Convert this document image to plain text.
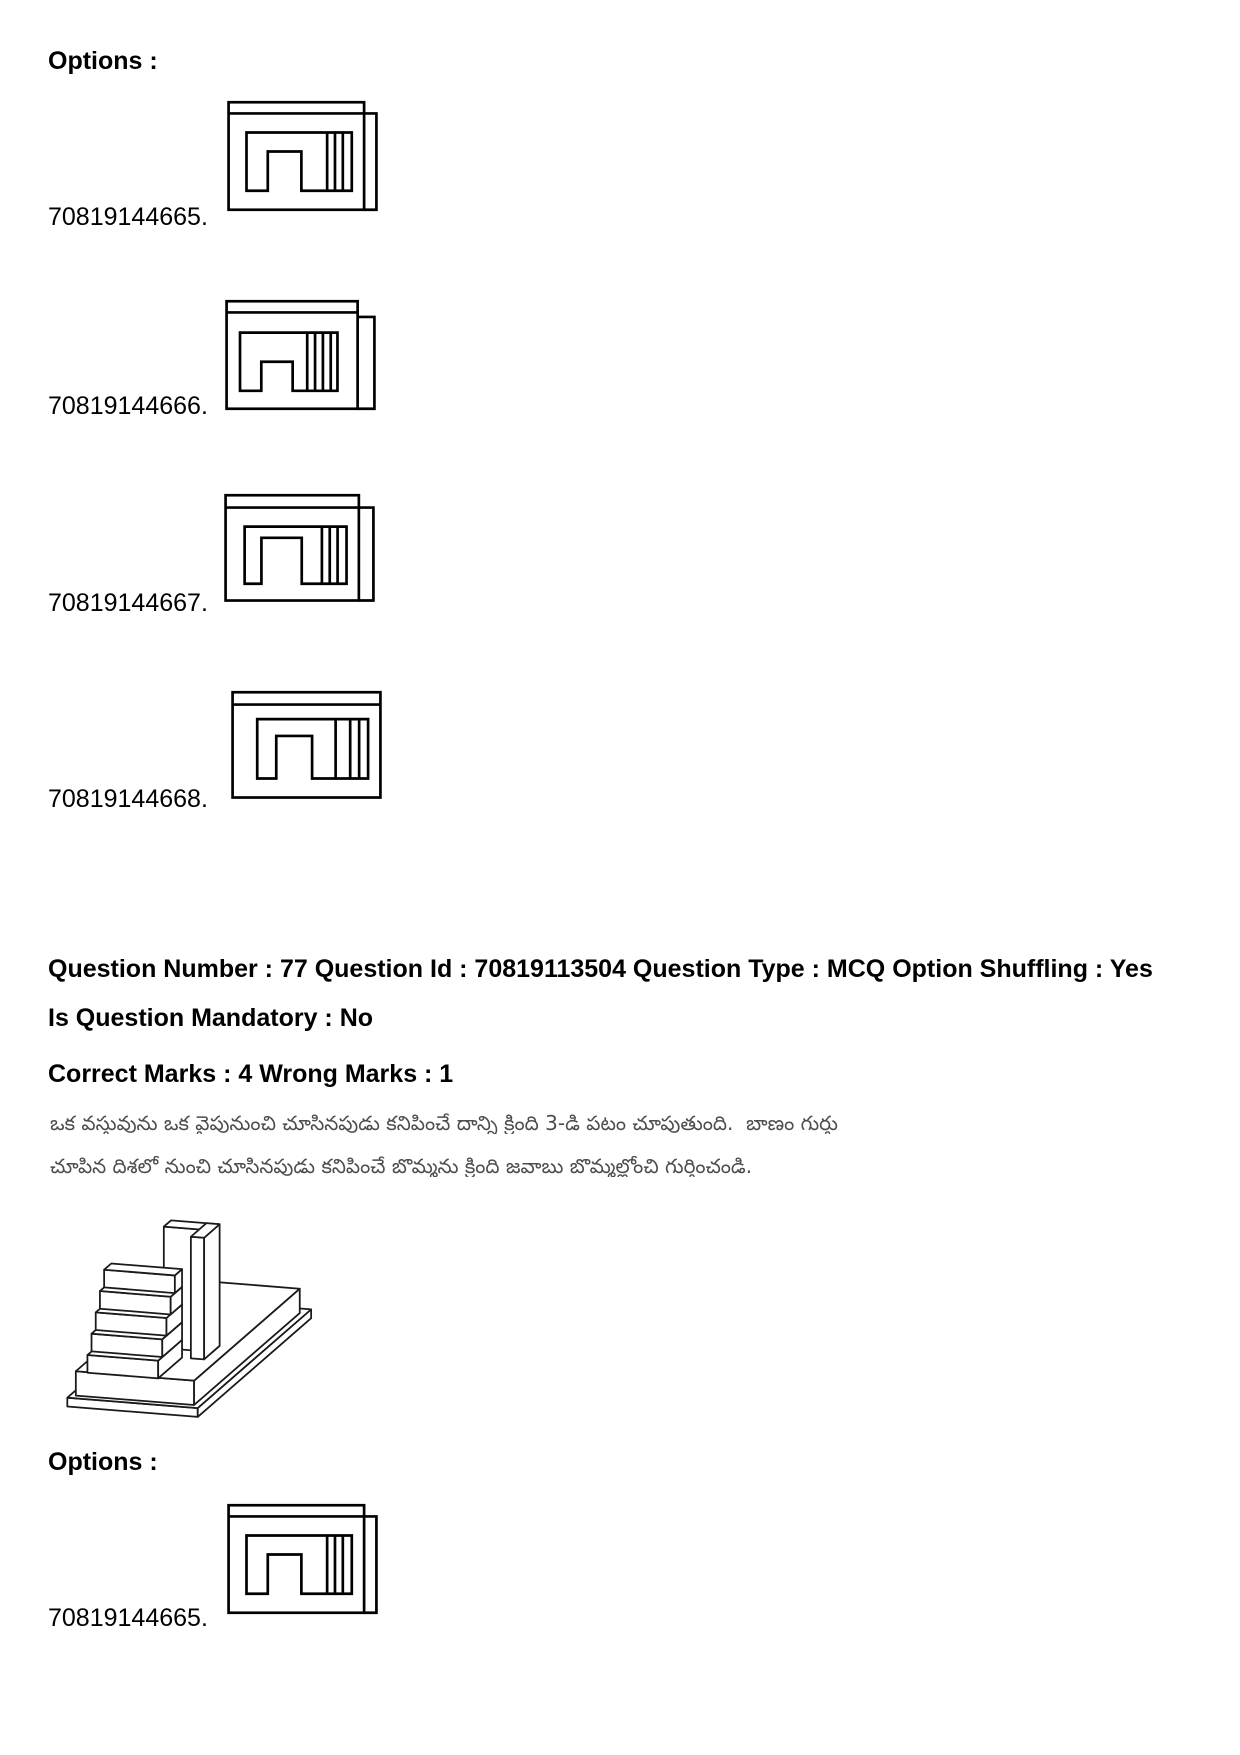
Options :
70819144665.
70819144666.
70819144667.
70819144668.
Question Number : 77 Question Id : 70819113504 Question Type : MCQ Option Shuffling : Yes
Is Question Mandatory : No
Correct Marks : 4 Wrong Marks : 1
ఒక వస్తువును ఒక వైపునుంచి చూసినపుడు కనిపించే దాన్ని క్రింది 3-డి పటం చూపుతుంది.  బాణం గుర్తు
చూపిన దిశలో నుంచి చూసినపుడు కనిపించే బొమ్మను క్రింది జవాబు బొమ్మల్లోంచి గుర్తించండి.
Options :
70819144665.
